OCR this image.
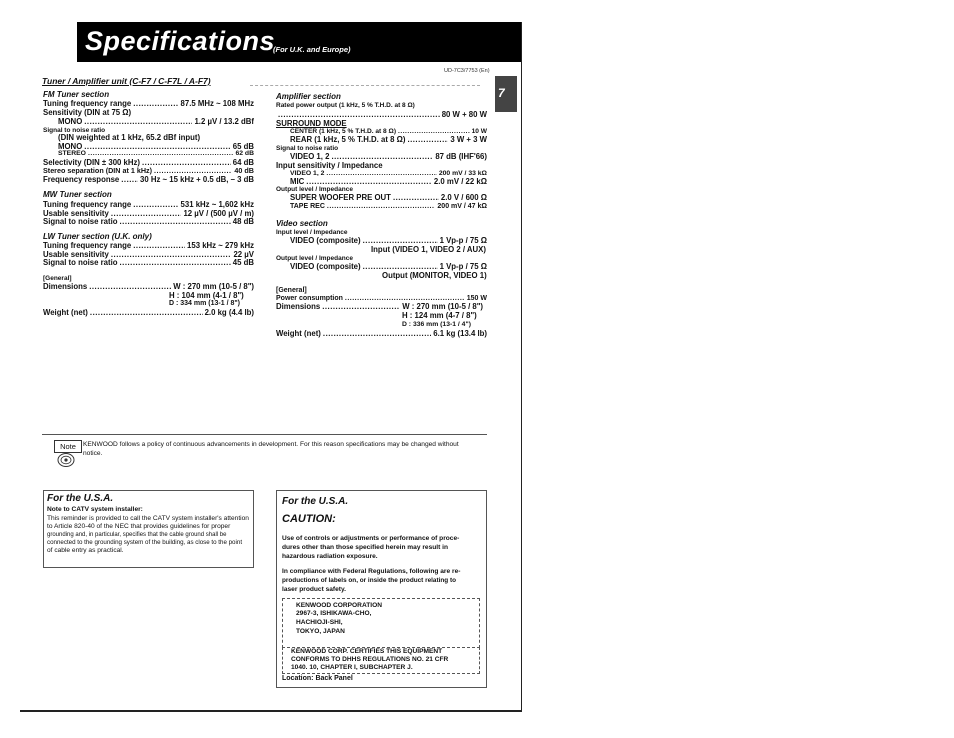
Specifications
(For U.K. and Europe)
Tuner / Amplifier unit (C-F7 / C-F7L / A-F7)
UD-7C3/7753 (En)
7
FM Tuner section
Tuning frequency range .....	87.5 MHz ~ 108 MHz
Sensitivity (DIN at 75 Ω)
MONO .....	1.2 µV / 13.2 dBf
Signal to noise ratio
(DIN weighted at 1 kHz, 65.2 dBf input)
MONO .....	65 dB
STEREO .....	62 dB
Selectivity (DIN ± 300 kHz) .....	64 dB
Stereo separation (DIN at 1 kHz) .....	40 dB
Frequency response .....	30 Hz ~ 15 kHz + 0.5 dB, – 3 dB
MW Tuner section
Tuning frequency range .....	531 kHz ~ 1,602 kHz
Usable sensitivity .....	12 µV / (500 µV / m)
Signal to noise ratio .....	48 dB
LW Tuner section (U.K. only)
Tuning frequency range .....	153 kHz ~ 279 kHz
Usable sensitivity .....	22 µV
Signal to noise ratio .....	45 dB
[General]
Dimensions .....	W : 270 mm (10-5 / 8")
H : 104 mm (4-1 / 8")
D : 334 mm (13-1 / 8")
Weight (net) .....	2.0 kg (4.4 lb)
Amplifier section
Rated power output (1 kHz, 5 % T.H.D. at 8 Ω)
.....
80 W + 80 W
SURROUND MODE
CENTER (1 kHz, 5 % T.H.D. at 8 Ω) .....	10 W
REAR (1 kHz, 5 % T.H.D. at 8 Ω) .....	3 W + 3 W
Signal to noise ratio
VIDEO 1, 2 .....	87 dB (IHF'66)
Input sensitivity / Impedance
VIDEO 1, 2 .....	200 mV / 33 kΩ
MIC .....	2.0 mV / 22 kΩ
Output level / Impedance
SUPER WOOFER PRE OUT .....	2.0 V / 600 Ω
TAPE REC .....	200 mV / 47 kΩ
Video section
Input level / Impedance
VIDEO (composite) .....	1 Vp-p / 75 Ω
Input (VIDEO 1, VIDEO 2 / AUX)
Output level / Impedance
VIDEO (composite) .....	1 Vp-p / 75 Ω
Output (MONITOR, VIDEO 1)
[General]
Power consumption .....	150 W
Dimensions .....	W : 270 mm (10-5 / 8")
H : 124 mm (4-7 / 8")
D : 336 mm (13-1 / 4")
Weight (net) .....	6.1 kg (13.4 lb)
Note	KENWOOD follows a policy of continuous advancements in development. For this reason specifications may be changed without
notice.
For the U.S.A.
Note to CATV system installer:
This reminder is provided to call the CATV system installer's attention
to Article 820-40 of the NEC that provides guidelines for proper
grounding and, in particular, specifies that the cable ground shall be
connected to the grounding system of the building, as close to the point
of cable entry as practical.
For the U.S.A.
CAUTION:
Use of controls or adjustments or performance of proce-
dures other than those specified herein may result in
hazardous radiation exposure.
In compliance with Federal Regulations, following are re-
productions of labels on, or inside the product relating to
laser product safety.
KENWOOD CORPORATION
2967-3, ISHIKAWA-CHO,
HACHIOJI-SHI,
TOKYO, JAPAN
KENWOOD CORP. CERTIFIES THIS EQUIPMENT
CONFORMS TO DHHS REGULATIONS NO. 21 CFR
1040. 10, CHAPTER I, SUBCHAPTER J.
Location: Back Panel
